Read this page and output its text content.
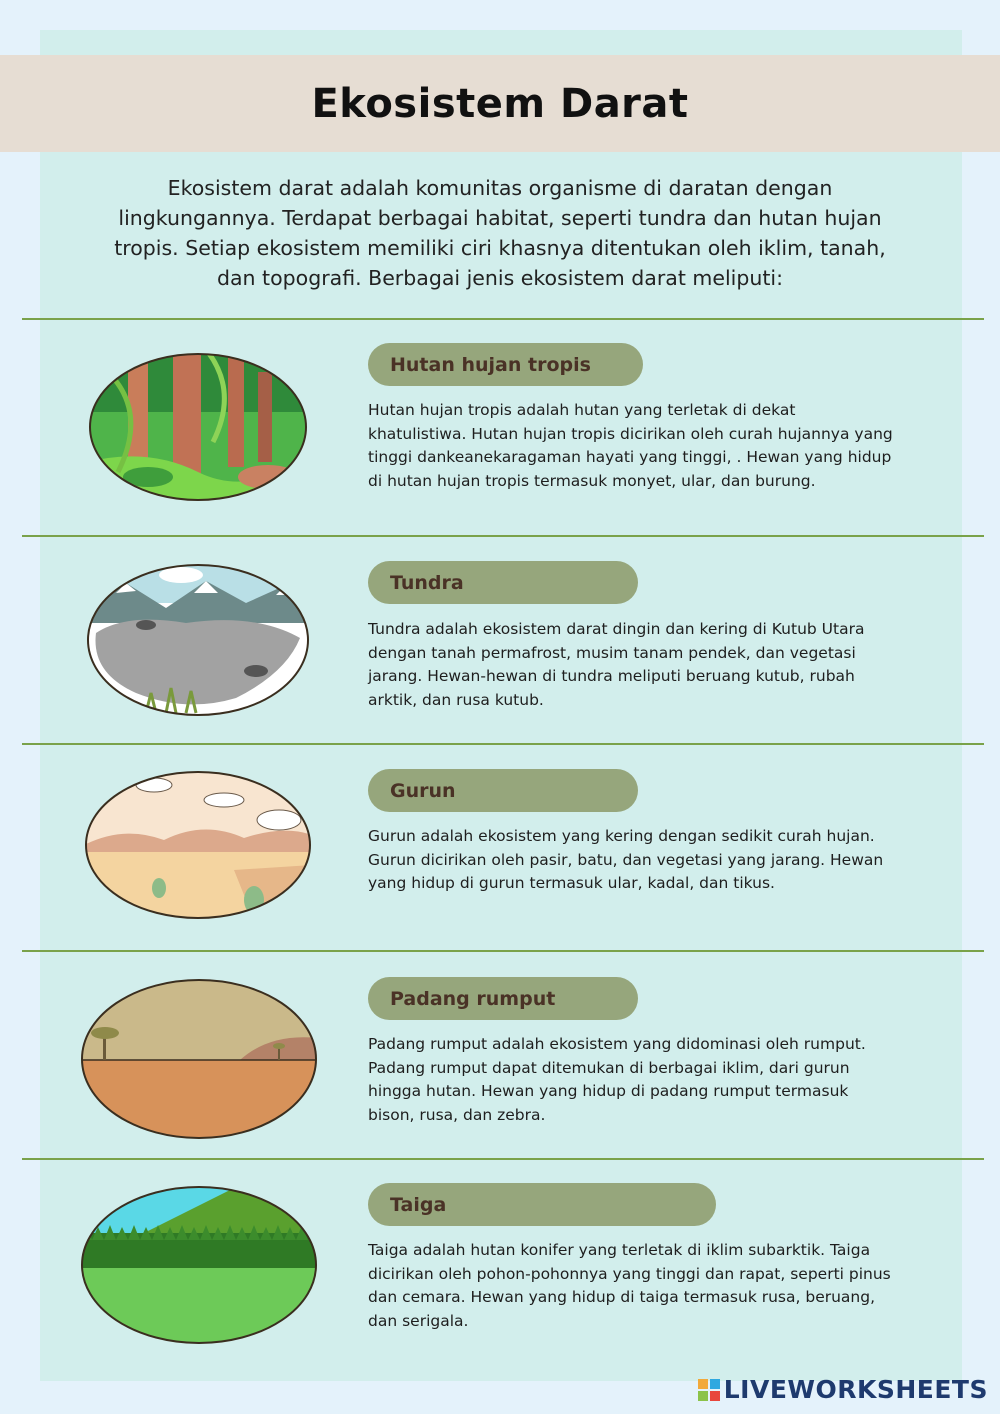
Ekosistem Darat
Ekosistem darat adalah komunitas organisme di daratan dengan lingkungannya. Terdapat berbagai habitat, seperti tundra dan hutan hujan tropis. Setiap ekosistem memiliki ciri khasnya ditentukan oleh iklim, tanah, dan topografi. Berbagai jenis ekosistem darat meliputi:
Hutan hujan tropis
Hutan hujan tropis adalah hutan yang terletak di dekat khatulistiwa. Hutan hujan tropis dicirikan oleh curah hujannya yang tinggi dankeanekaragaman hayati yang tinggi, . Hewan yang hidup di hutan hujan tropis termasuk monyet, ular, dan burung.
Tundra
Tundra adalah ekosistem darat dingin dan kering di Kutub Utara dengan tanah permafrost, musim tanam pendek, dan vegetasi jarang. Hewan-hewan di tundra meliputi beruang kutub, rubah arktik, dan rusa kutub.
Gurun
Gurun adalah ekosistem yang kering dengan sedikit curah hujan. Gurun dicirikan oleh pasir, batu, dan vegetasi yang jarang. Hewan yang hidup di gurun termasuk ular, kadal, dan tikus.
Padang rumput
Padang rumput adalah ekosistem yang didominasi oleh rumput. Padang rumput dapat ditemukan di berbagai iklim, dari gurun hingga hutan. Hewan yang hidup di padang rumput termasuk bison, rusa, dan zebra.
Taiga
Taiga adalah hutan konifer yang terletak di iklim subarktik. Taiga dicirikan oleh pohon-pohonnya yang tinggi dan rapat, seperti pinus dan cemara. Hewan yang hidup di taiga termasuk rusa, beruang, dan serigala.
LIVEWORKSHEETS
